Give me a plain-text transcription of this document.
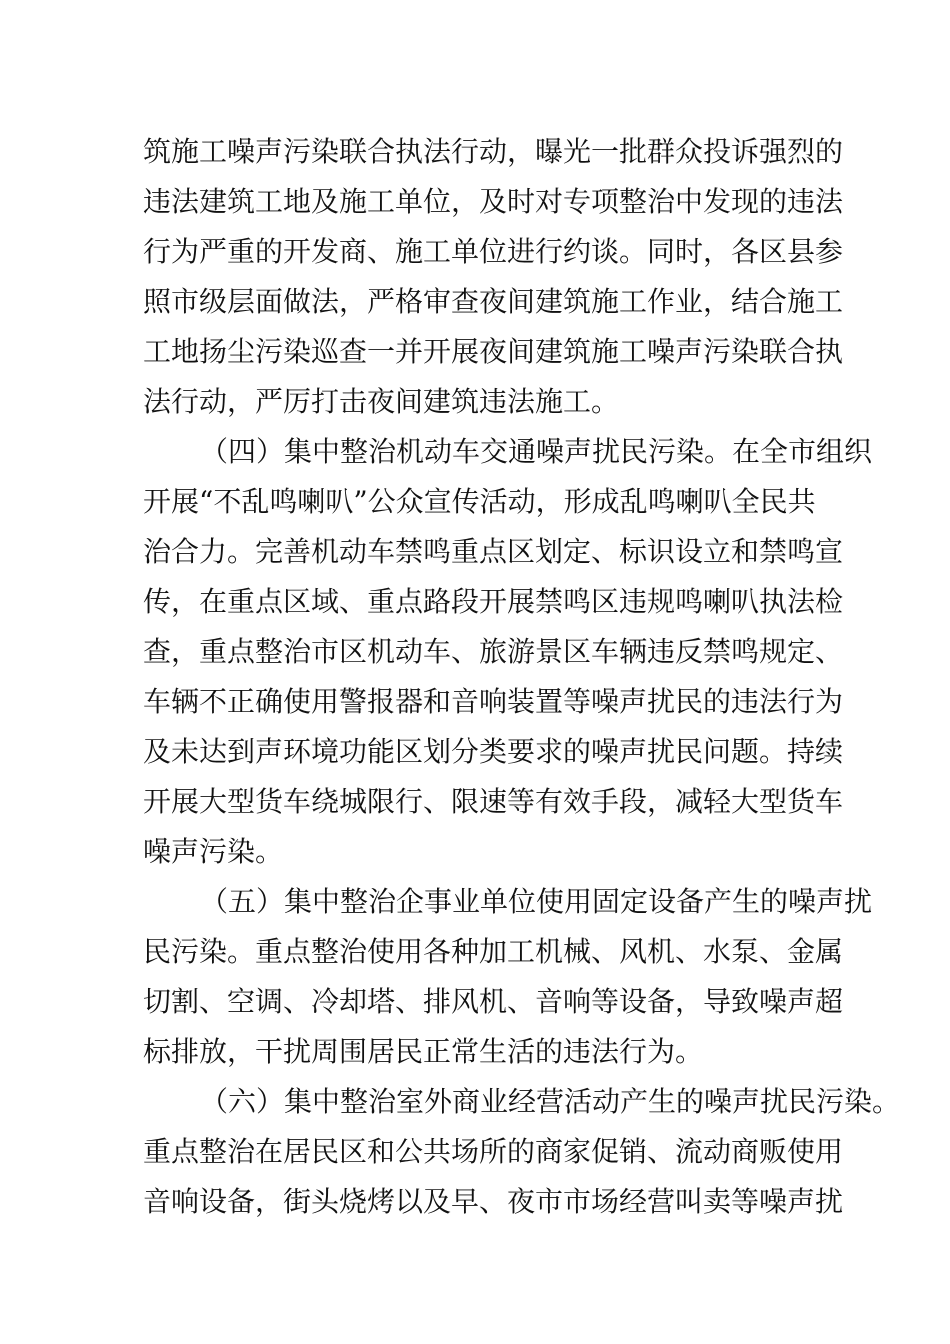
筑施工噪声污染联合执法行动，曝光一批群众投诉强烈的
违法建筑工地及施工单位，及时对专项整治中发现的违法
行为严重的开发商、施工单位进行约谈。同时，各区县参
照市级层面做法，严格审查夜间建筑施工作业，结合施工
工地扬尘污染巡查一并开展夜间建筑施工噪声污染联合执
法行动，严厉打击夜间建筑违法施工。
（四）集中整治机动车交通噪声扰民污染。在全市组织
开展“不乱鸣喇叭”公众宣传活动，形成乱鸣喇叭全民共
治合力。完善机动车禁鸣重点区划定、标识设立和禁鸣宣
传，在重点区域、重点路段开展禁鸣区违规鸣喇叭执法检
查，重点整治市区机动车、旅游景区车辆违反禁鸣规定、
车辆不正确使用警报器和音响装置等噪声扰民的违法行为
及未达到声环境功能区划分类要求的噪声扰民问题。持续
开展大型货车绕城限行、限速等有效手段，减轻大型货车
噪声污染。
（五）集中整治企事业单位使用固定设备产生的噪声扰
民污染。重点整治使用各种加工机械、风机、水泵、金属
切割、空调、冷却塔、排风机、音响等设备，导致噪声超
标排放，干扰周围居民正常生活的违法行为。
（六）集中整治室外商业经营活动产生的噪声扰民污染。
重点整治在居民区和公共场所的商家促销、流动商贩使用
音响设备，街头烧烤以及早、夜市市场经营叫卖等噪声扰
